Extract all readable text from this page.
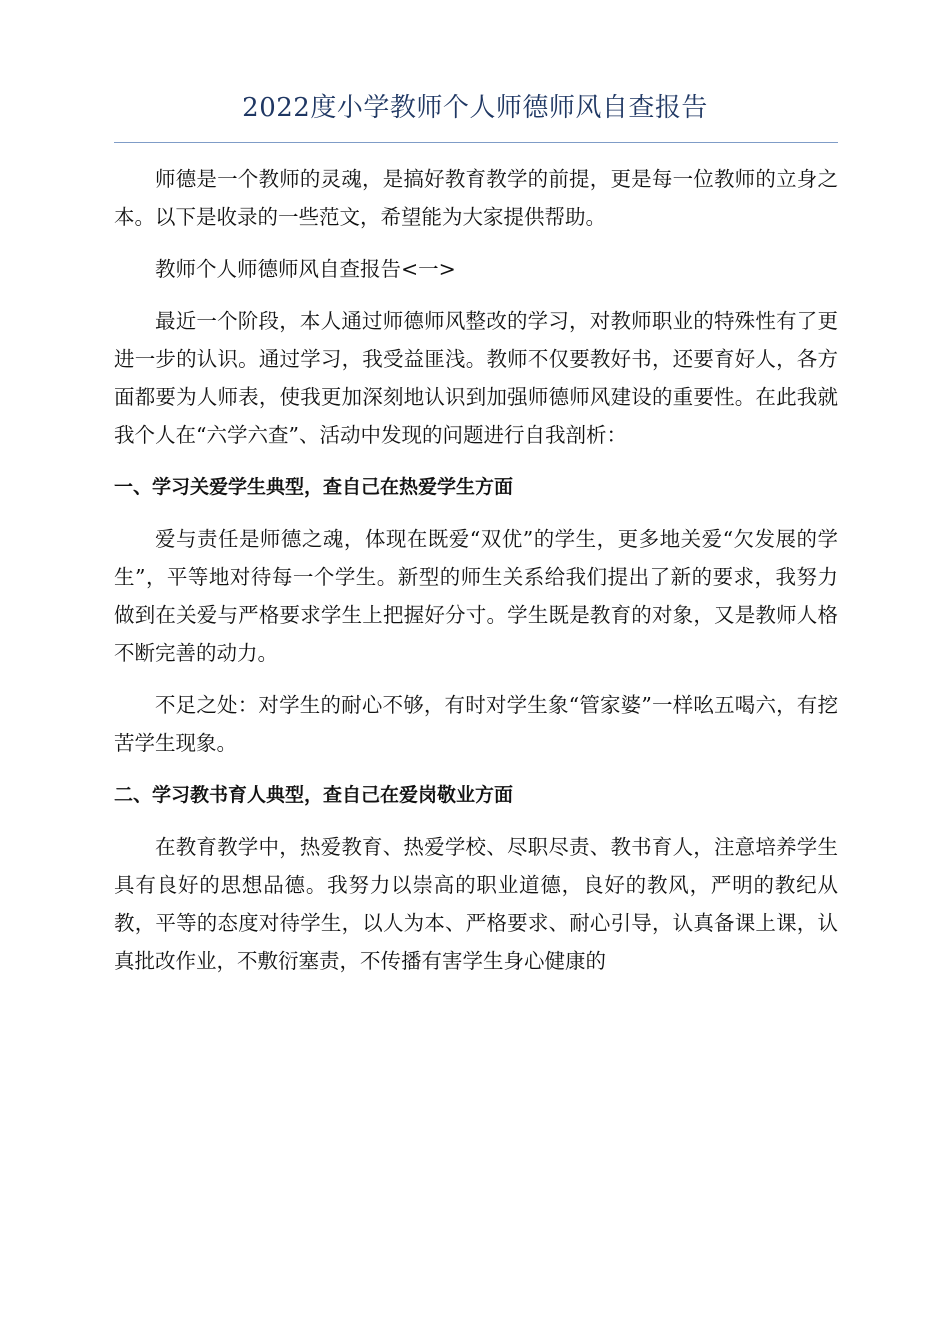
2022度小学教师个人师德师风自查报告

师德是一个教师的灵魂，是搞好教育教学的前提，更是每一位教师的立身之本。以下是收录的一些范文，希望能为大家提供帮助。

教师个人师德师风自查报告<一>

最近一个阶段，本人通过师德师风整改的学习，对教师职业的特殊性有了更进一步的认识。通过学习，我受益匪浅。教师不仅要教好书，还要育好人，各方面都要为人师表，使我更加深刻地认识到加强师德师风建设的重要性。在此我就我个人在“六学六查”、活动中发现的问题进行自我剖析：

一、学习关爱学生典型，查自己在热爱学生方面

爱与责任是师德之魂，体现在既爱“双优”的学生，更多地关爱“欠发展的学生”，平等地对待每一个学生。新型的师生关系给我们提出了新的要求，我努力做到在关爱与严格要求学生上把握好分寸。学生既是教育的对象，又是教师人格不断完善的动力。

不足之处：对学生的耐心不够，有时对学生象“管家婆”一样吆五喝六，有挖苦学生现象。

二、学习教书育人典型，查自己在爱岗敬业方面

在教育教学中，热爱教育、热爱学校、尽职尽责、教书育人，注意培养学生具有良好的思想品德。我努力以崇高的职业道德，良好的教风，严明的教纪从教，平等的态度对待学生，以人为本、严格要求、耐心引导，认真备课上课，认真批改作业，不敷衍塞责，不传播有害学生身心健康的
